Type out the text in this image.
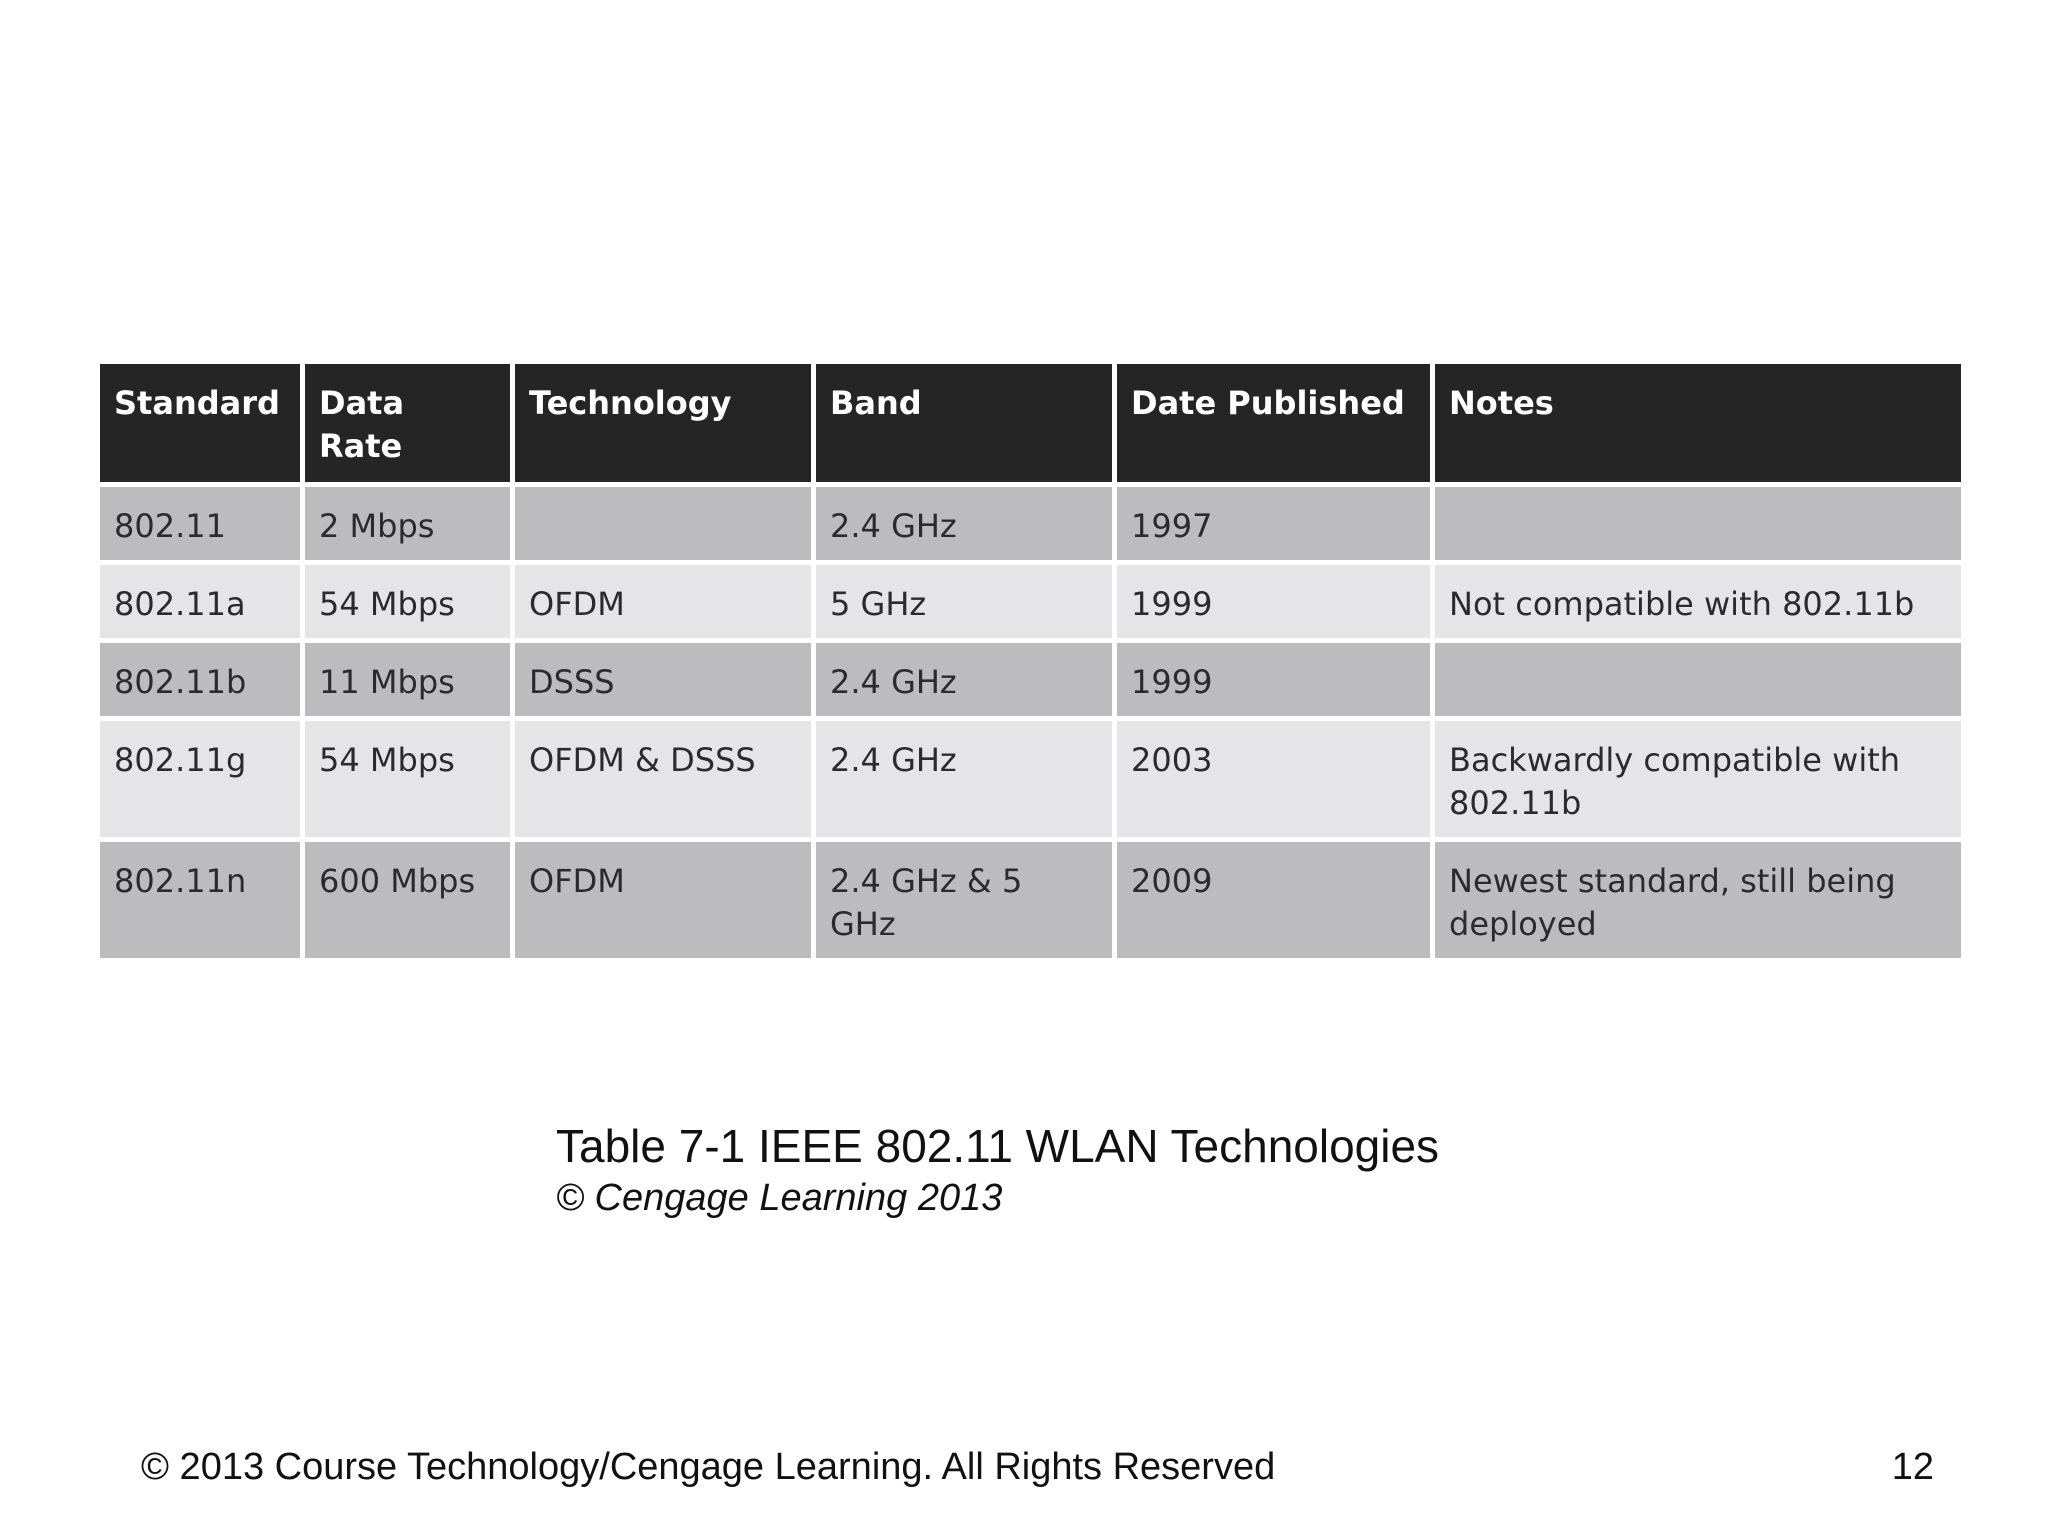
Standard	Data Rate	Technology	Band	Date Published	Notes
802.11	2 Mbps		2.4 GHz	1997	
802.11a	54 Mbps	OFDM	5 GHz	1999	Not compatible with 802.11b
802.11b	11 Mbps	DSSS	2.4 GHz	1999	
802.11g	54 Mbps	OFDM & DSSS	2.4 GHz	2003	Backwardly compatible with 802.11b
802.11n	600 Mbps	OFDM	2.4 GHz & 5 GHz	2009	Newest standard, still being deployed
Table 7-1 IEEE 802.11 WLAN Technologies
© Cengage Learning 2013
© 2013 Course Technology/Cengage Learning. All Rights Reserved	12
